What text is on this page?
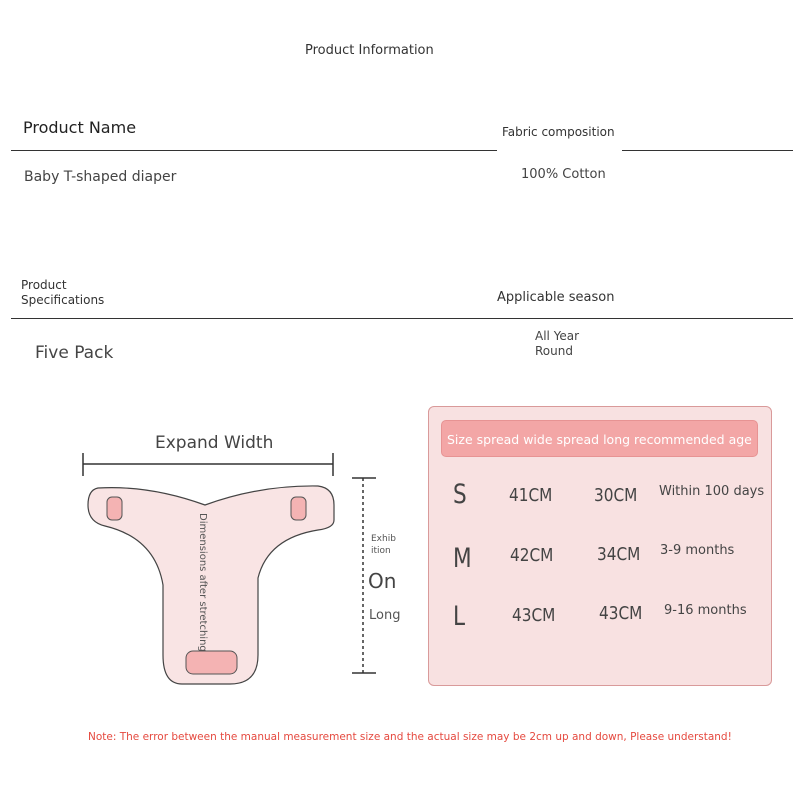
Product Information
Product Name	Fabric composition
Baby T-shaped diaper	100% Cotton
Product Specifications	Applicable season
Five Pack
All Year Round
Expand Width
Dimensions after stretching	Exhib ition
On
Long
Size spread wide spread long recommended age
S 41CM 30CM Within 100 days
M 42CM 34CM 3-9 months
L	43CM 43CM 9-16 months
Note: The error between the manual measurement size and the actual size may be 2cm up and down, Please understand!
